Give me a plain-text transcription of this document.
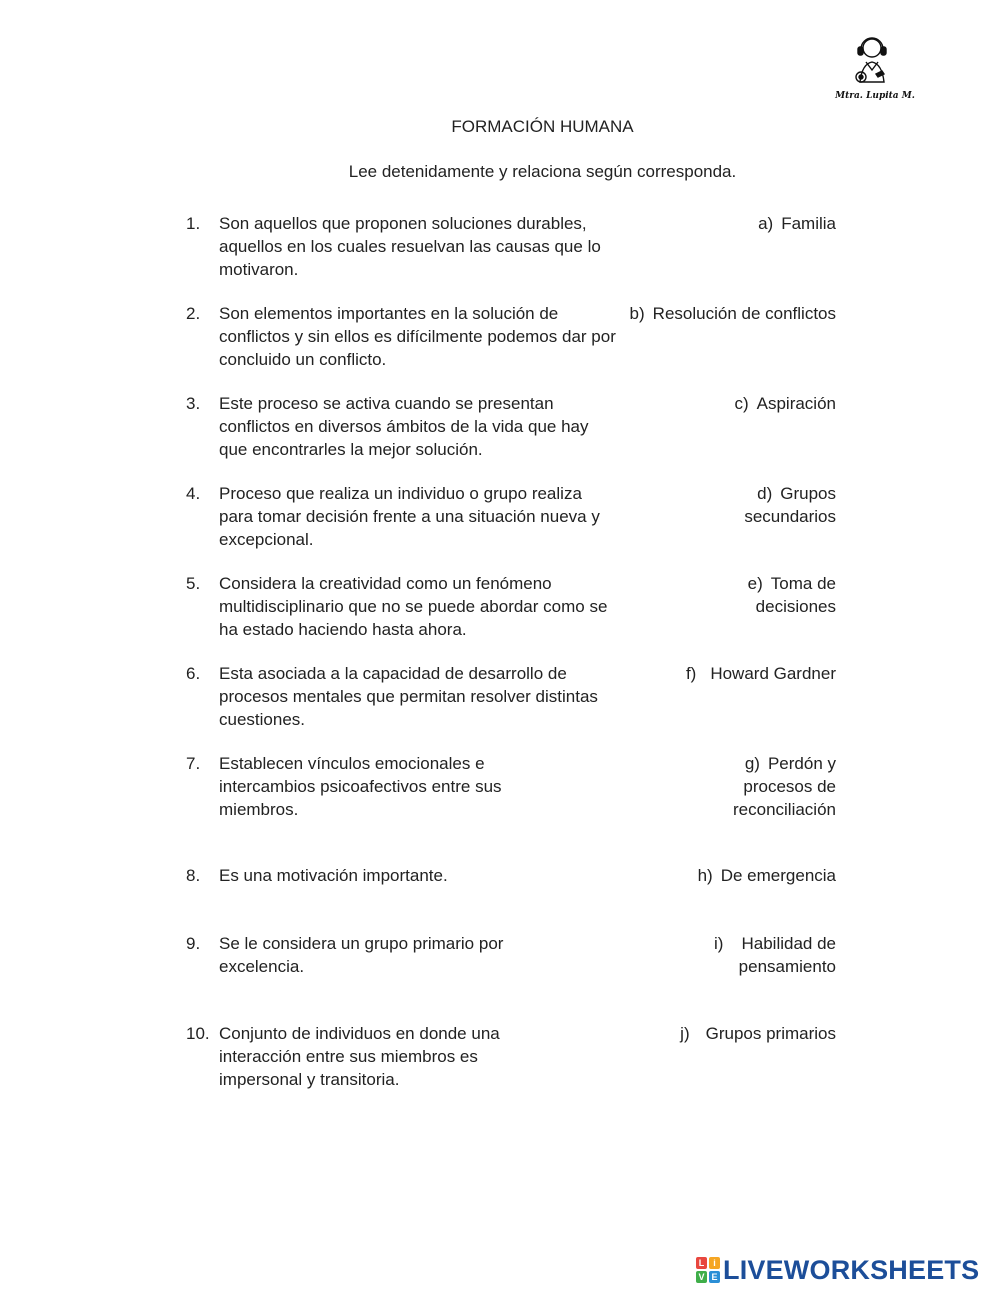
Mtra. Lupita M.
FORMACIÓN HUMANA
Lee detenidamente y relaciona según corresponda.
1. Son aquellos que proponen soluciones durables, aquellos en los cuales resuelvan las causas que lo motivaron.
a) Familia
2. Son elementos importantes en la solución de conflictos y sin ellos es difícilmente podemos dar por concluido un conflicto.
b) Resolución de conflictos
3. Este proceso se activa cuando se presentan conflictos en diversos ámbitos de la vida que hay que encontrarles la mejor solución.
c) Aspiración
4. Proceso que realiza un individuo o grupo realiza para tomar decisión frente a una situación nueva y excepcional.
d) Grupos secundarios
5. Considera la creatividad como un fenómeno multidisciplinario que no se puede abordar como se ha estado haciendo hasta ahora.
e) Toma de decisiones
6. Esta asociada a la capacidad de desarrollo de procesos mentales que permitan resolver distintas cuestiones.
f) Howard Gardner
7. Establecen vínculos emocionales e intercambios psicoafectivos entre sus miembros.
g) Perdón y procesos de reconciliación
8. Es una motivación importante.	h) De emergencia
9. Se le considera un grupo primario por excelencia.
i) Habilidad de pensamiento
10. Conjunto de individuos en donde una interacción entre sus miembros es impersonal y transitoria.
j) Grupos primarios
L i
V E LIVEWORKSHEETS
